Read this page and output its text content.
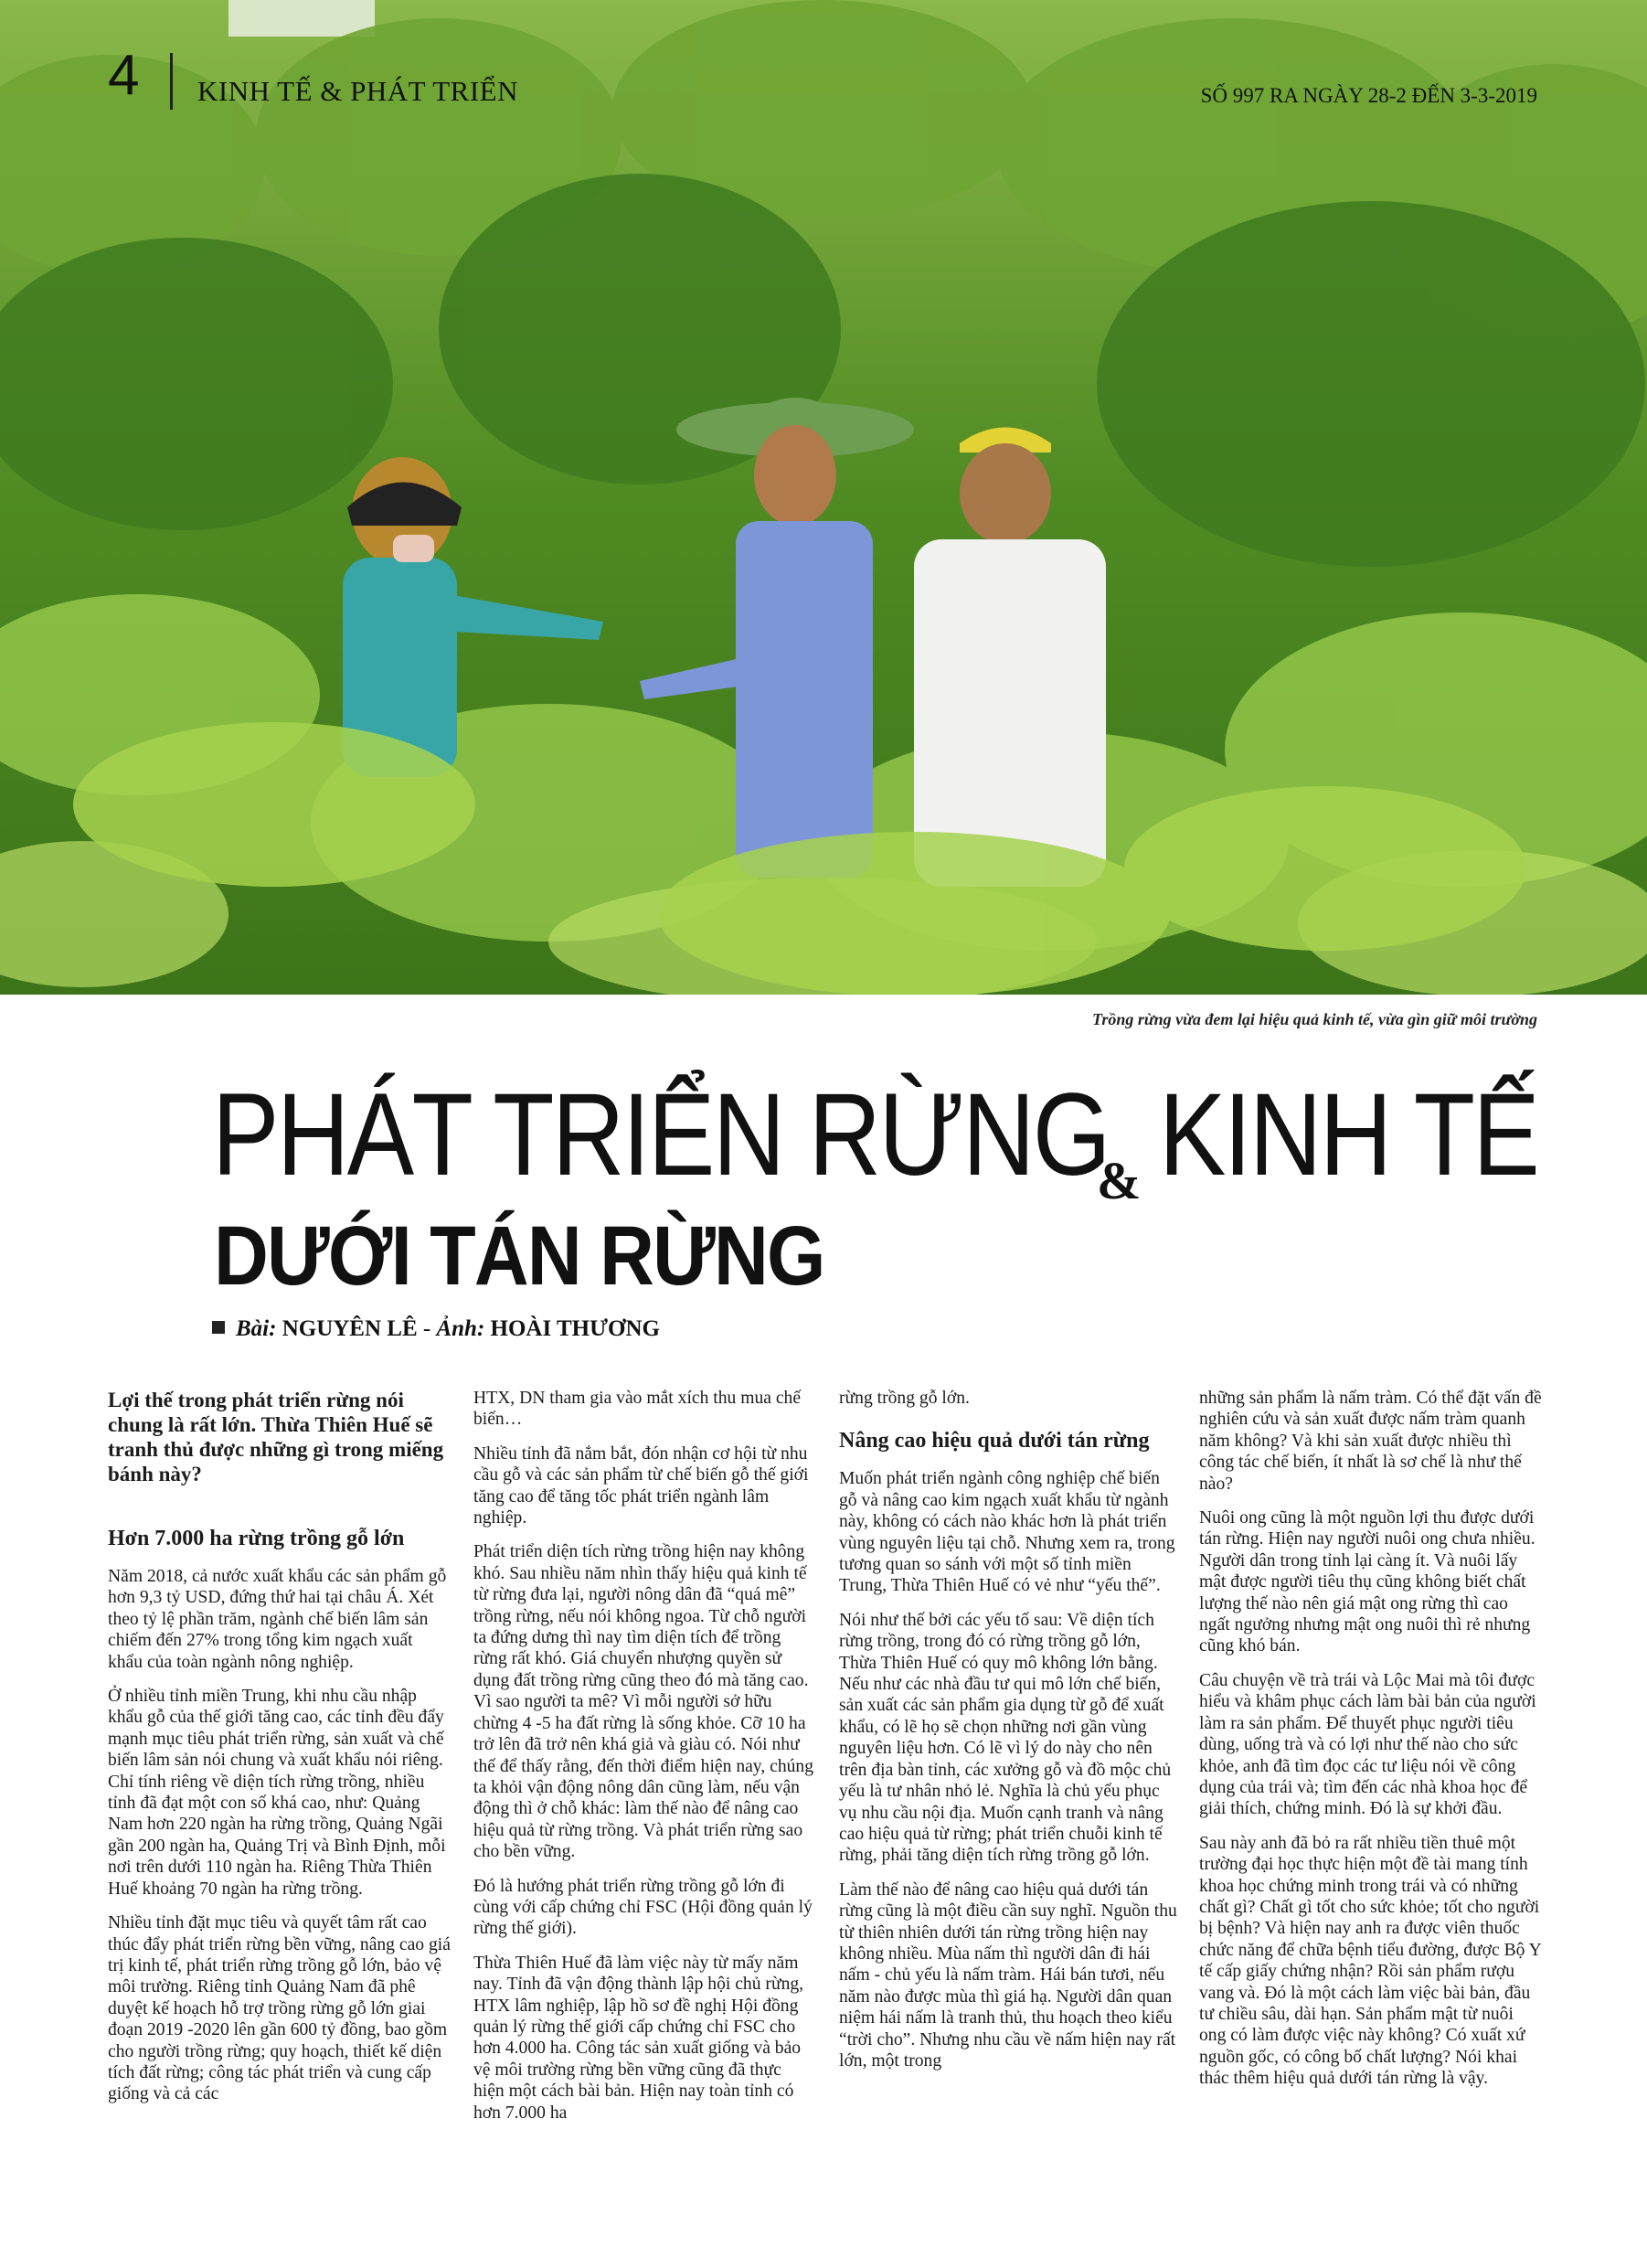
4 KINH TẾ & PHÁT TRIỂN	SỐ 997 RA NGÀY 28-2 ĐẾN 3-3-2019
Trồng rừng vừa đem lại hiệu quả kinh tế, vừa gìn giữ môi trường
PHÁT TRIỂN RỪNG
& KINH TẾ
DƯỚI TÁN RỪNG
Bài: NGUYÊN LÊ - Ảnh: HOÀI THƯƠNG

Lợi thế trong phát triển rừng nói chung là rất lớn. Thừa Thiên Huế sẽ tranh thủ được những gì trong miếng bánh này?

Hơn 7.000 ha rừng trồng gỗ lớn

Năm 2018, cả nước xuất khẩu các sản phẩm gỗ hơn 9,3 tỷ USD, đứng thứ hai tại châu Á. Xét theo tỷ lệ phần trăm, ngành chế biến lâm sản chiếm đến 27% trong tổng kim ngạch xuất khẩu của toàn ngành nông nghiệp.

Ở nhiều tỉnh miền Trung, khi nhu cầu nhập khẩu gỗ của thế giới tăng cao, các tỉnh đều đẩy mạnh mục tiêu phát triển rừng, sản xuất và chế biến lâm sản nói chung và xuất khẩu nói riêng. Chỉ tính riêng về diện tích rừng trồng, nhiều tỉnh đã đạt một con số khá cao, như: Quảng Nam hơn 220 ngàn ha rừng trồng, Quảng Ngãi gần 200 ngàn ha, Quảng Trị và Bình Định, mỗi nơi trên dưới 110 ngàn ha. Riêng Thừa Thiên Huế khoảng 70 ngàn ha rừng trồng.

Nhiều tỉnh đặt mục tiêu và quyết tâm rất cao thúc đẩy phát triển rừng bền vững, nâng cao giá trị kinh tế, phát triển rừng trồng gỗ lớn, bảo vệ môi trường. Riêng tỉnh Quảng Nam đã phê duyệt kế hoạch hỗ trợ trồng rừng gỗ lớn giai đoạn 2019 -2020 lên gần 600 tỷ đồng, bao gồm cho người trồng rừng; quy hoạch, thiết kế diện tích đất rừng; công tác phát triển và cung cấp giống và cả các

HTX, DN tham gia vào mắt xích thu mua chế biến…

Nhiều tỉnh đã nắm bắt, đón nhận cơ hội từ nhu cầu gỗ và các sản phẩm từ chế biến gỗ thế giới tăng cao để tăng tốc phát triển ngành lâm nghiệp.

Phát triển diện tích rừng trồng hiện nay không khó. Sau nhiều năm nhìn thấy hiệu quả kinh tế từ rừng đưa lại, người nông dân đã “quá mê” trồng rừng, nếu nói không ngoa. Từ chỗ người ta đứng dưng thì nay tìm diện tích để trồng rừng rất khó. Giá chuyển nhượng quyền sử dụng đất trồng rừng cũng theo đó mà tăng cao. Vì sao người ta mê? Vì mỗi người sở hữu chừng 4 -5 ha đất rừng là sống khỏe. Cỡ 10 ha trở lên đã trở nên khá giả và giàu có. Nói như thế để thấy rằng, đến thời điểm hiện nay, chúng ta khỏi vận động nông dân cũng làm, nếu vận động thì ở chỗ khác: làm thế nào để nâng cao hiệu quả từ rừng trồng. Và phát triển rừng sao cho bền vững.

Đó là hướng phát triển rừng trồng gỗ lớn đi cùng với cấp chứng chỉ FSC (Hội đồng quản lý rừng thế giới).

Thừa Thiên Huế đã làm việc này từ mấy năm nay. Tỉnh đã vận động thành lập hội chủ rừng, HTX lâm nghiệp, lập hồ sơ đề nghị Hội đồng quản lý rừng thế giới cấp chứng chỉ FSC cho hơn 4.000 ha. Công tác sản xuất giống và bảo vệ môi trường rừng bền vững cũng đã thực hiện một cách bài bản. Hiện nay toàn tỉnh có hơn 7.000 ha

rừng trồng gỗ lớn.

Nâng cao hiệu quả dưới tán rừng

Muốn phát triển ngành công nghiệp chế biến gỗ và nâng cao kim ngạch xuất khẩu từ ngành này, không có cách nào khác hơn là phát triển vùng nguyên liệu tại chỗ. Nhưng xem ra, trong tương quan so sánh với một số tỉnh miền Trung, Thừa Thiên Huế có vẻ như “yếu thế”.

Nói như thế bởi các yếu tố sau: Về diện tích rừng trồng, trong đó có rừng trồng gỗ lớn, Thừa Thiên Huế có quy mô không lớn bằng. Nếu như các nhà đầu tư qui mô lớn chế biến, sản xuất các sản phẩm gia dụng từ gỗ để xuất khẩu, có lẽ họ sẽ chọn những nơi gần vùng nguyên liệu hơn. Có lẽ vì lý do này cho nên trên địa bàn tỉnh, các xưởng gỗ và đồ mộc chủ yếu là tư nhân nhỏ lẻ. Nghĩa là chủ yếu phục vụ nhu cầu nội địa. Muốn cạnh tranh và nâng cao hiệu quả từ rừng; phát triển chuỗi kinh tế rừng, phải tăng diện tích rừng trồng gỗ lớn.

Làm thế nào để nâng cao hiệu quả dưới tán rừng cũng là một điều cần suy nghĩ. Nguồn thu từ thiên nhiên dưới tán rừng trồng hiện nay không nhiều. Mùa nấm thì người dân đi hái nấm - chủ yếu là nấm tràm. Hái bán tươi, nếu năm nào được mùa thì giá hạ. Người dân quan niệm hái nấm là tranh thủ, thu hoạch theo kiểu “trời cho”. Nhưng nhu cầu về nấm hiện nay rất lớn, một trong

những sản phẩm là nấm tràm. Có thể đặt vấn đề nghiên cứu và sản xuất được nấm tràm quanh năm không? Và khi sản xuất được nhiều thì công tác chế biến, ít nhất là sơ chế là như thế nào?

Nuôi ong cũng là một nguồn lợi thu được dưới tán rừng. Hiện nay người nuôi ong chưa nhiều. Người dân trong tỉnh lại càng ít. Và nuôi lấy mật được người tiêu thụ cũng không biết chất lượng thế nào nên giá mật ong rừng thì cao ngất ngưởng nhưng mật ong nuôi thì rẻ nhưng cũng khó bán.

Câu chuyện về trà trái và Lộc Mai mà tôi được hiểu và khâm phục cách làm bài bản của người làm ra sản phẩm. Để thuyết phục người tiêu dùng, uống trà và có lợi như thế nào cho sức khỏe, anh đã tìm đọc các tư liệu nói về công dụng của trái và; tìm đến các nhà khoa học để giải thích, chứng minh. Đó là sự khởi đầu.

Sau này anh đã bỏ ra rất nhiều tiền thuê một trường đại học thực hiện một đề tài mang tính khoa học chứng minh trong trái và có những chất gì? Chất gì tốt cho sức khỏe; tốt cho người bị bệnh? Và hiện nay anh ra được viên thuốc chức năng để chữa bệnh tiểu đường, được Bộ Y tế cấp giấy chứng nhận? Rồi sản phẩm rượu vang và. Đó là một cách làm việc bài bản, đầu tư chiều sâu, dài hạn. Sản phẩm mật từ nuôi ong có làm được việc này không? Có xuất xứ nguồn gốc, có công bố chất lượng? Nói khai thác thêm hiệu quả dưới tán rừng là vậy.
